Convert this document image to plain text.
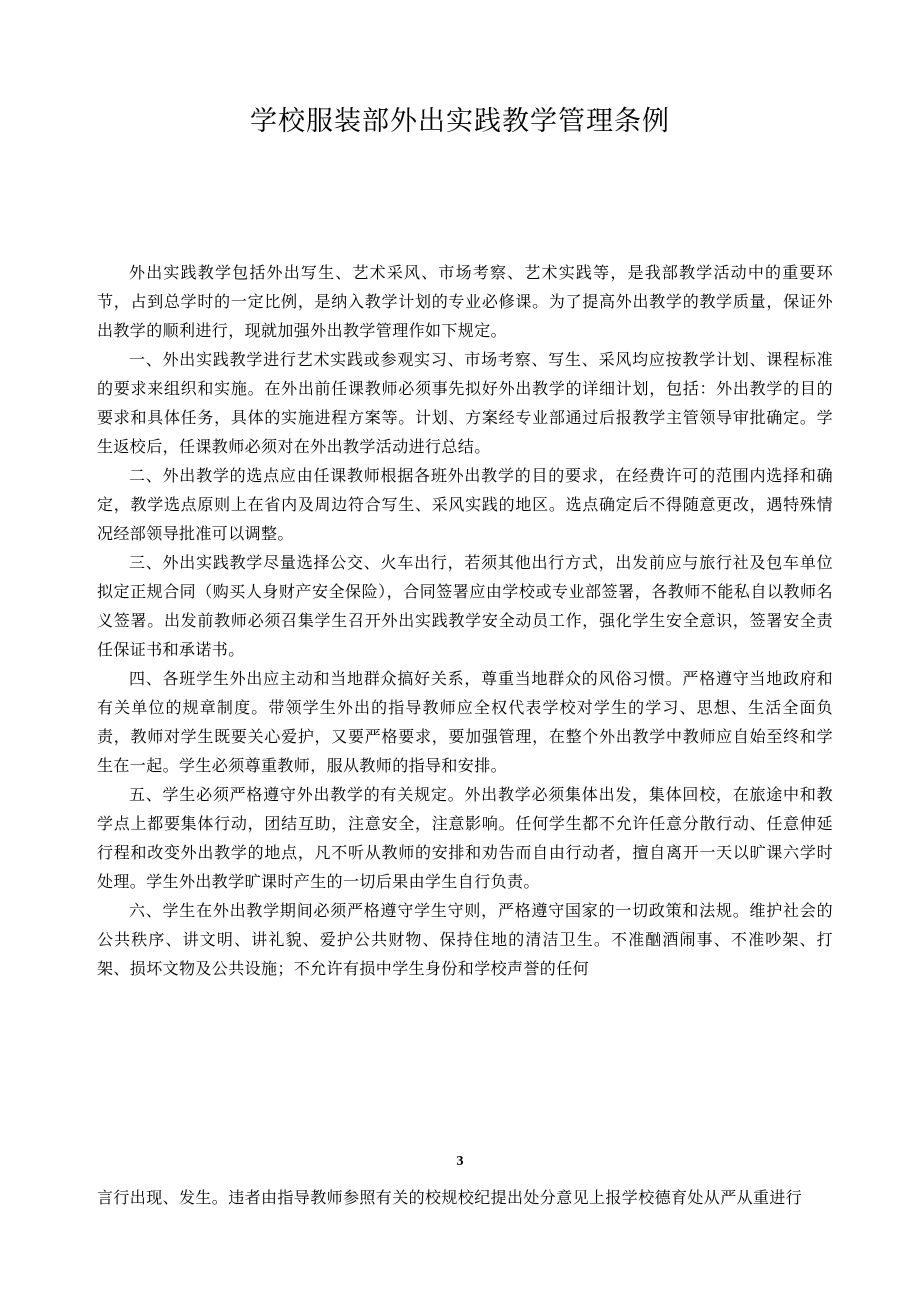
学校服装部外出实践教学管理条例

外出实践教学包括外出写生、艺术采风、市场考察、艺术实践等，是我部教学活动中的重要环节，占到总学时的一定比例，是纳入教学计划的专业必修课。为了提高外出教学的教学质量，保证外出教学的顺利进行，现就加强外出教学管理作如下规定。

一、外出实践教学进行艺术实践或参观实习、市场考察、写生、采风均应按教学计划、课程标准的要求来组织和实施。在外出前任课教师必须事先拟好外出教学的详细计划，包括：外出教学的目的要求和具体任务，具体的实施进程方案等。计划、方案经专业部通过后报教学主管领导审批确定。学生返校后，任课教师必须对在外出教学活动进行总结。

二、外出教学的选点应由任课教师根据各班外出教学的目的要求，在经费许可的范围内选择和确定，教学选点原则上在省内及周边符合写生、采风实践的地区。选点确定后不得随意更改，遇特殊情况经部领导批准可以调整。

三、外出实践教学尽量选择公交、火车出行，若须其他出行方式，出发前应与旅行社及包车单位拟定正规合同（购买人身财产安全保险），合同签署应由学校或专业部签署，各教师不能私自以教师名义签署。出发前教师必须召集学生召开外出实践教学安全动员工作，强化学生安全意识，签署安全责任保证书和承诺书。

四、各班学生外出应主动和当地群众搞好关系，尊重当地群众的风俗习惯。严格遵守当地政府和有关单位的规章制度。带领学生外出的指导教师应全权代表学校对学生的学习、思想、生活全面负责，教师对学生既要关心爱护，又要严格要求，要加强管理，在整个外出教学中教师应自始至终和学生在一起。学生必须尊重教师，服从教师的指导和安排。

五、学生必须严格遵守外出教学的有关规定。外出教学必须集体出发，集体回校，在旅途中和教学点上都要集体行动，团结互助，注意安全，注意影响。任何学生都不允许任意分散行动、任意伸延行程和改变外出教学的地点，凡不听从教师的安排和劝告而自由行动者，擅自离开一天以旷课六学时处理。学生外出教学旷课时产生的一切后果由学生自行负责。

六、学生在外出教学期间必须严格遵守学生守则，严格遵守国家的一切政策和法规。维护社会的公共秩序、讲文明、讲礼貌、爱护公共财物、保持住地的清洁卫生。不准酗酒闹事、不准吵架、打架、损坏文物及公共设施；不允许有损中学生身份和学校声誉的任何

3

言行出现、发生。违者由指导教师参照有关的校规校纪提出处分意见上报学校德育处从严从重进行
